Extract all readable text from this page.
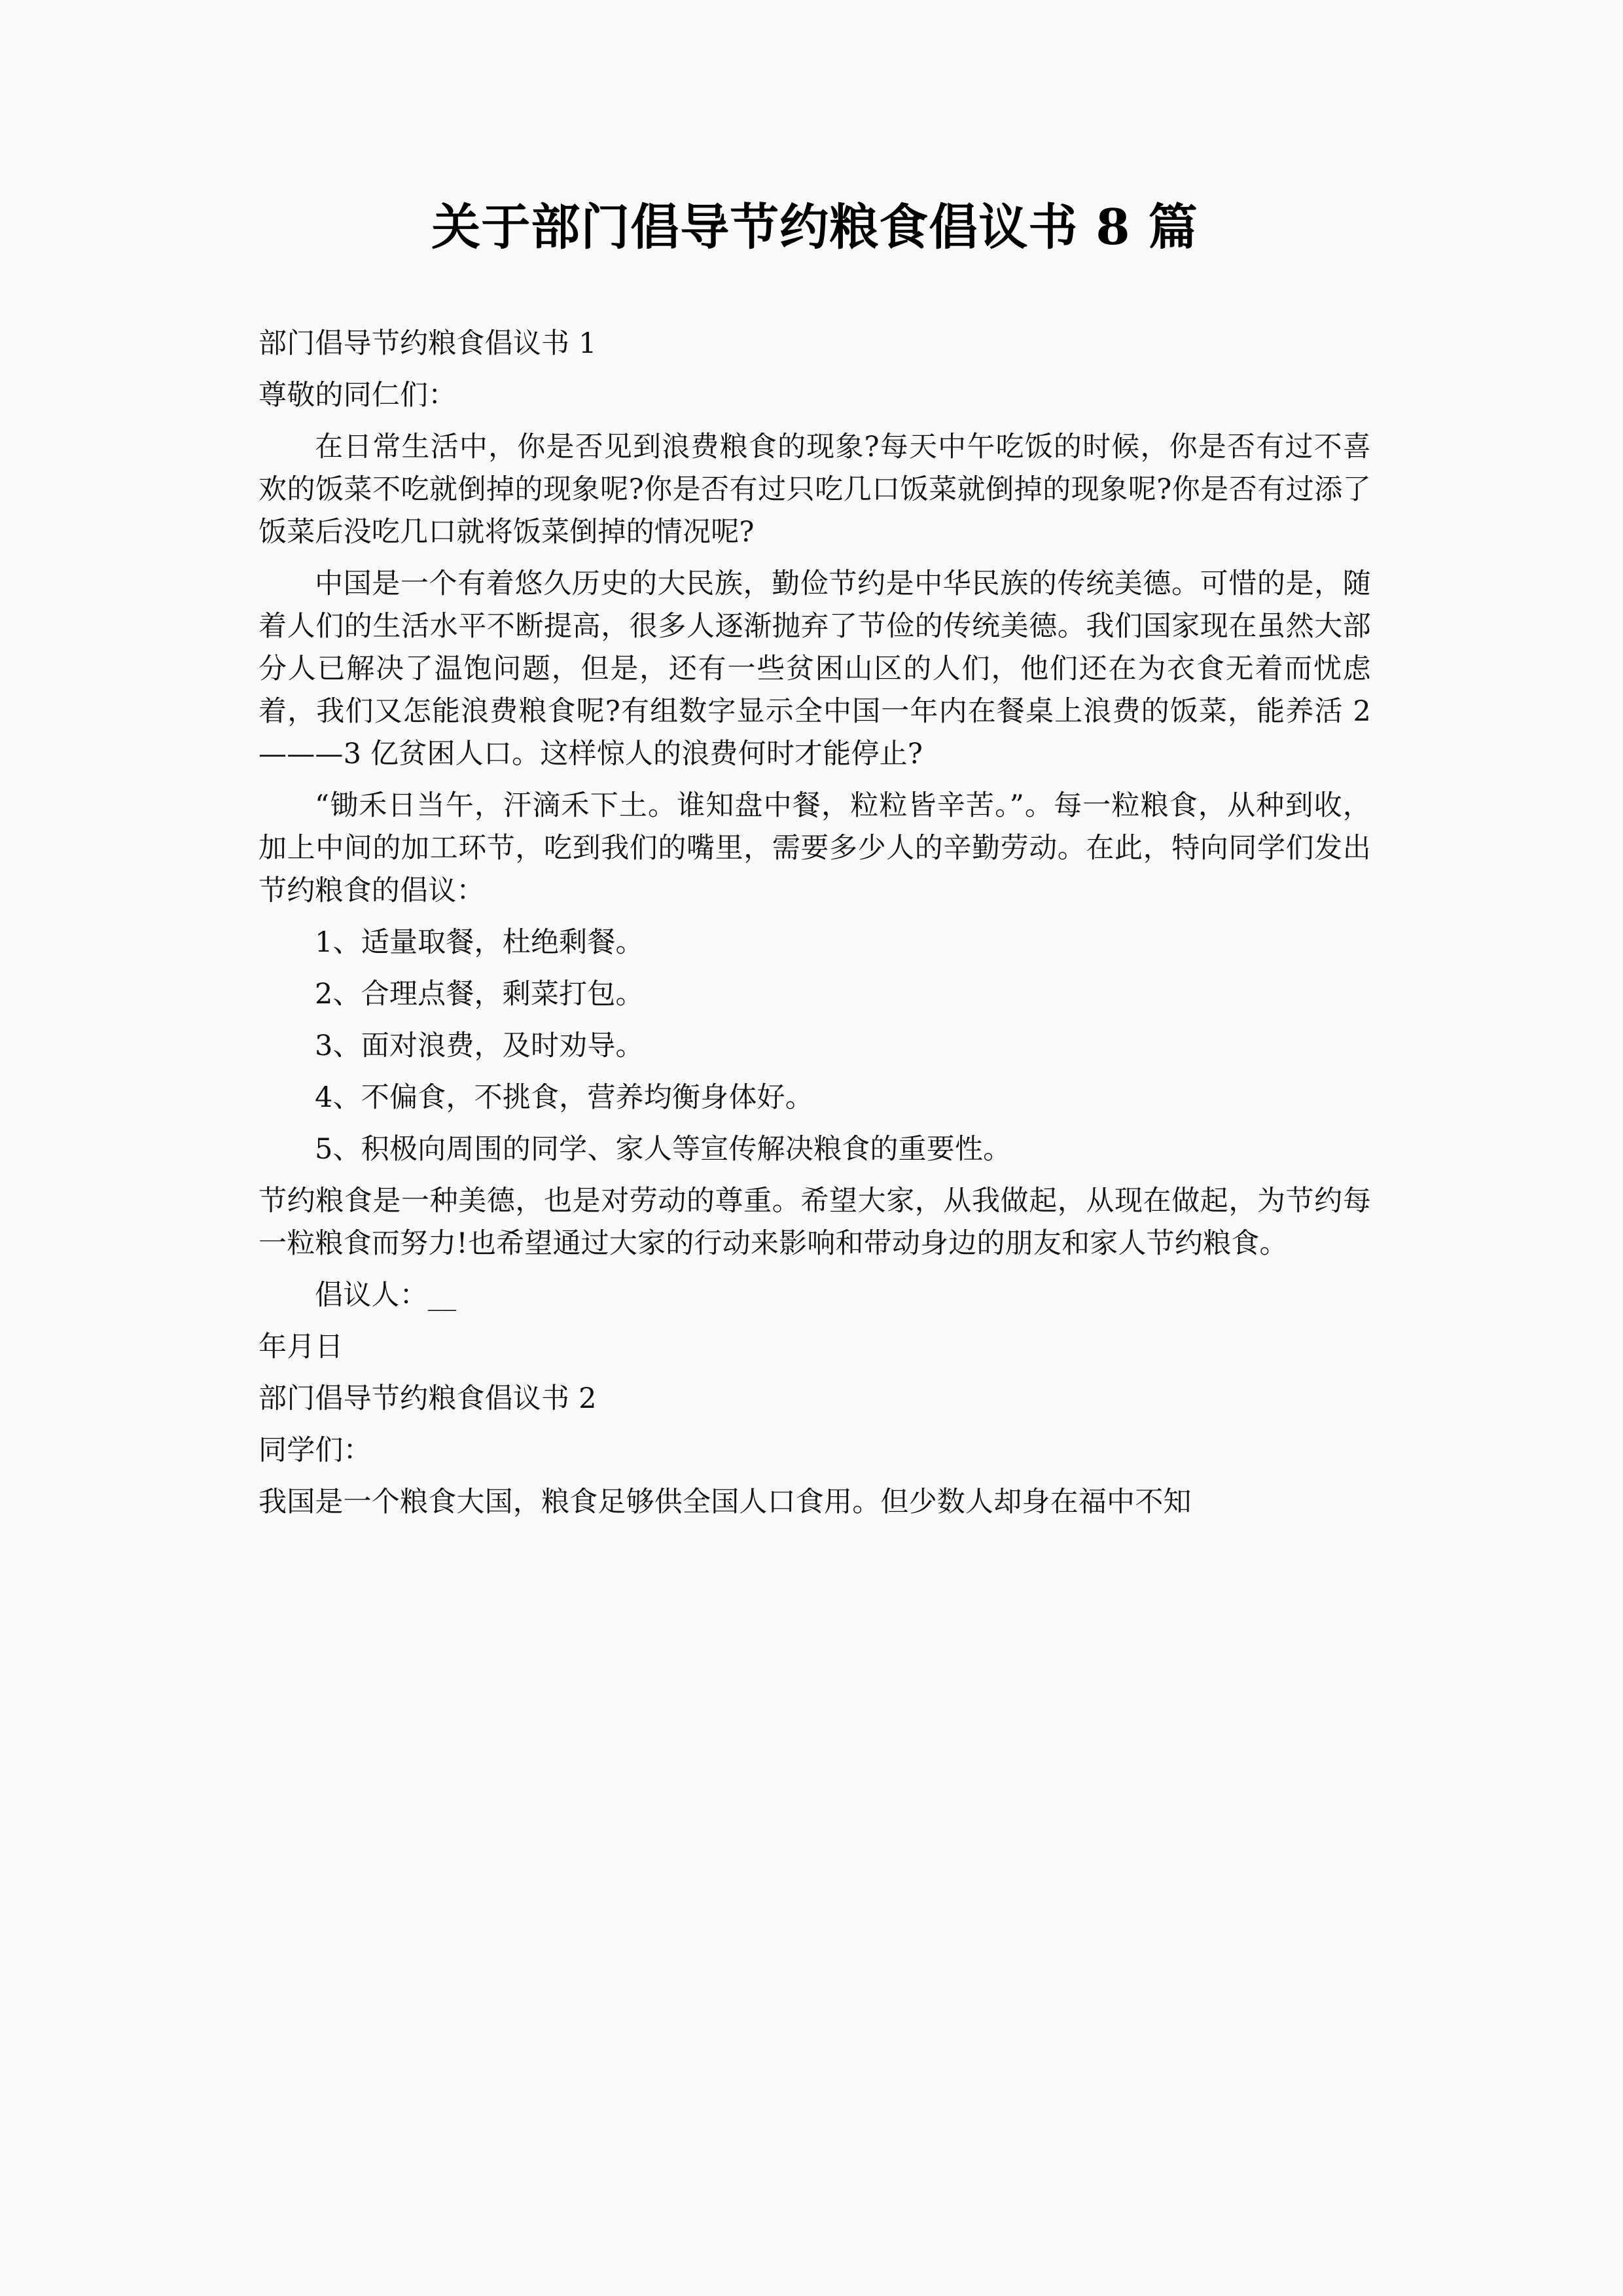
关于部门倡导节约粮食倡议书 8 篇

部门倡导节约粮食倡议书 1

尊敬的同仁们：

在日常生活中，你是否见到浪费粮食的现象?每天中午吃饭的时候，你是否有过不喜欢的饭菜不吃就倒掉的现象呢?你是否有过只吃几口饭菜就倒掉的现象呢?你是否有过添了饭菜后没吃几口就将饭菜倒掉的情况呢?

中国是一个有着悠久历史的大民族，勤俭节约是中华民族的传统美德。可惜的是，随着人们的生活水平不断提高，很多人逐渐抛弃了节俭的传统美德。我们国家现在虽然大部分人已解决了温饱问题，但是，还有一些贫困山区的人们，他们还在为衣食无着而忧虑着，我们又怎能浪费粮食呢?有组数字显示全中国一年内在餐桌上浪费的饭菜，能养活 2———3 亿贫困人口。这样惊人的浪费何时才能停止?

“锄禾日当午，汗滴禾下土。谁知盘中餐，粒粒皆辛苦。”。每一粒粮食，从种到收，加上中间的加工环节，吃到我们的嘴里，需要多少人的辛勤劳动。在此，特向同学们发出节约粮食的倡议：

1、适量取餐，杜绝剩餐。

2、合理点餐，剩菜打包。

3、面对浪费，及时劝导。

4、不偏食，不挑食，营养均衡身体好。

5、积极向周围的同学、家人等宣传解决粮食的重要性。

节约粮食是一种美德，也是对劳动的尊重。希望大家，从我做起，从现在做起，为节约每一粒粮食而努力!也希望通过大家的行动来影响和带动身边的朋友和家人节约粮食。

倡议人：__

年月日

部门倡导节约粮食倡议书 2

同学们：

我国是一个粮食大国，粮食足够供全国人口食用。但少数人却身在福中不知
